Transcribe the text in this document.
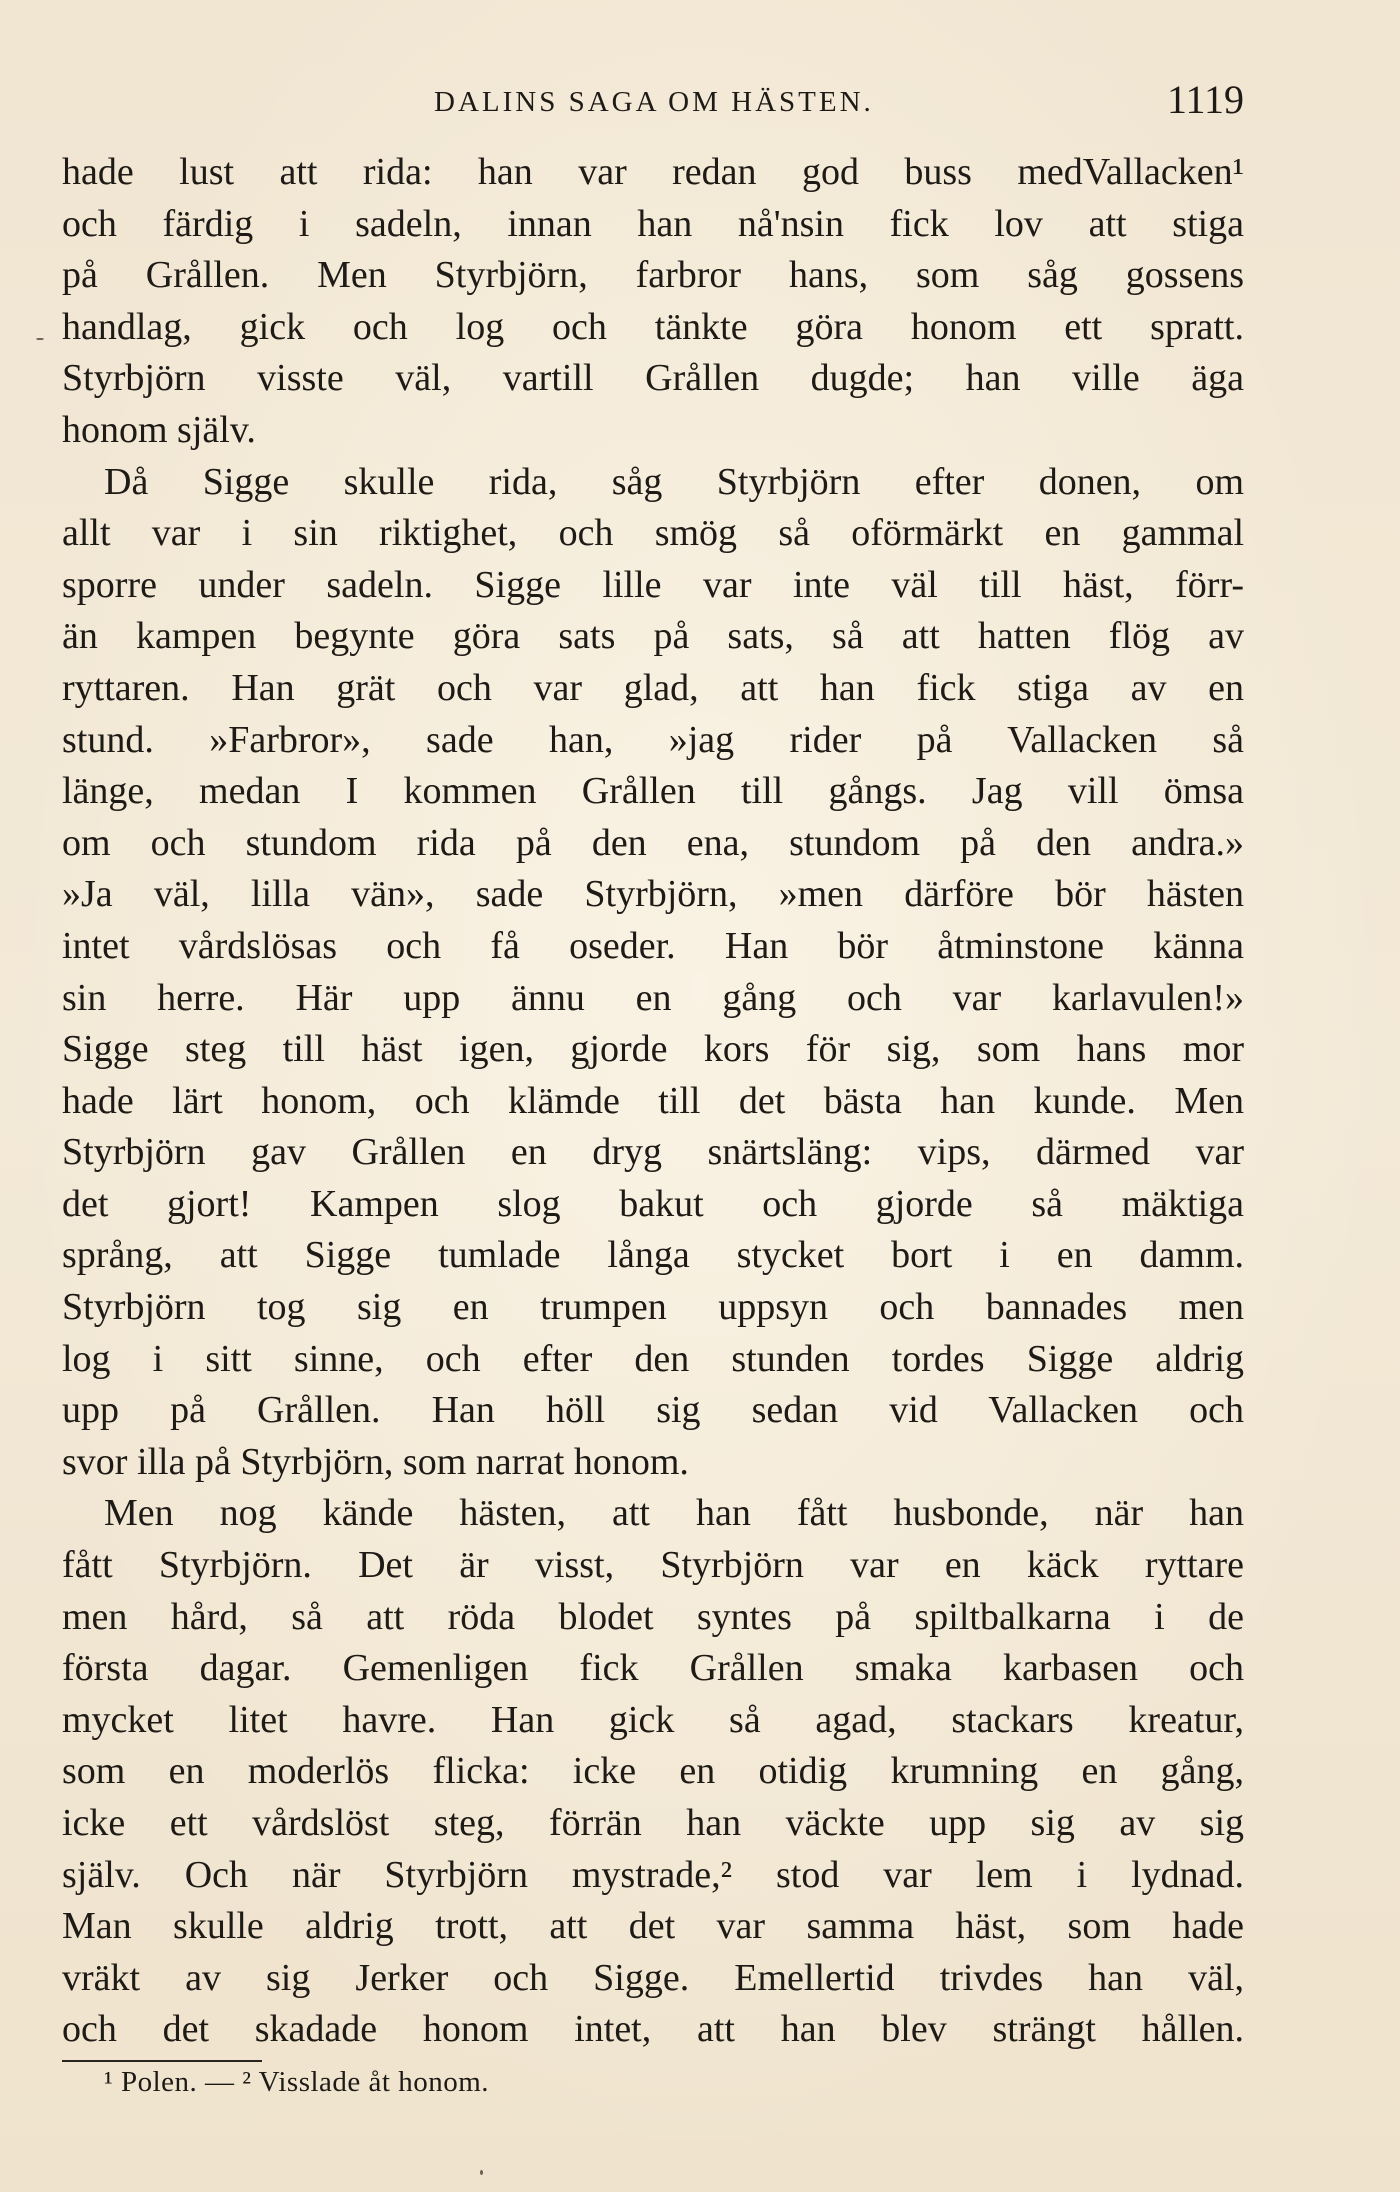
DALINS SAGA OM HÄSTEN.	1119
hade lust att rida: han var redan god buss medVallacken¹
och färdig i sadeln, innan han nå'nsin fick lov att stiga
på Grållen. Men Styrbjörn, farbror hans, som såg gossens
handlag, gick och log och tänkte göra honom ett spratt.
Styrbjörn visste väl, vartill Grållen dugde; han ville äga
honom själv.
Då Sigge skulle rida, såg Styrbjörn efter donen, om
allt var i sin riktighet, och smög så oförmärkt en gammal
sporre under sadeln. Sigge lille var inte väl till häst, förr-
än kampen begynte göra sats på sats, så att hatten flög av
ryttaren. Han grät och var glad, att han fick stiga av en
stund. »Farbror», sade han, »jag rider på Vallacken så
länge, medan I kommen Grållen till gångs. Jag vill ömsa
om och stundom rida på den ena, stundom på den andra.»
»Ja väl, lilla vän», sade Styrbjörn, »men därföre bör hästen
intet vårdslösas och få oseder. Han bör åtminstone känna
sin herre. Här upp ännu en gång och var karlavulen!»
Sigge steg till häst igen, gjorde kors för sig, som hans mor
hade lärt honom, och klämde till det bästa han kunde. Men
Styrbjörn gav Grållen en dryg snärtsläng: vips, därmed var
det gjort! Kampen slog bakut och gjorde så mäktiga
språng, att Sigge tumlade långa stycket bort i en damm.
Styrbjörn tog sig en trumpen uppsyn och bannades men
log i sitt sinne, och efter den stunden tordes Sigge aldrig
upp på Grållen. Han höll sig sedan vid Vallacken och
svor illa på Styrbjörn, som narrat honom.
Men nog kände hästen, att han fått husbonde, när han
fått Styrbjörn. Det är visst, Styrbjörn var en käck ryttare
men hård, så att röda blodet syntes på spiltbalkarna i de
första dagar. Gemenligen fick Grållen smaka karbasen och
mycket litet havre. Han gick så agad, stackars kreatur,
som en moderlös flicka: icke en otidig krumning en gång,
icke ett vårdslöst steg, förrän han väckte upp sig av sig
själv. Och när Styrbjörn mystrade,² stod var lem i lydnad.
Man skulle aldrig trott, att det var samma häst, som hade
vräkt av sig Jerker och Sigge. Emellertid trivdes han väl,
och det skadade honom intet, att han blev strängt hållen.
¹ Polen. — ² Visslade åt honom.
